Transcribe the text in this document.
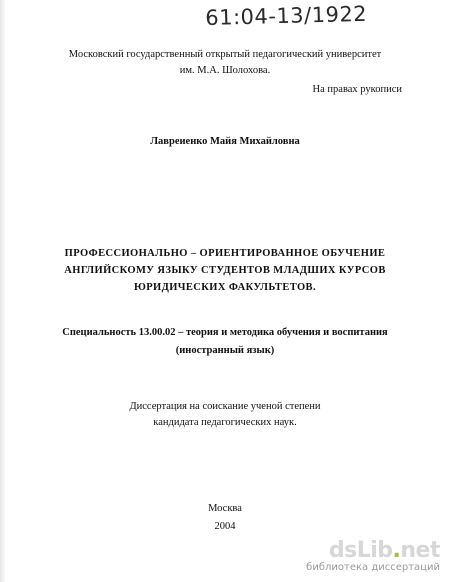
61:04-13/1922
Московский государственный открытый педагогический университет
им. М.А. Шолохова.
На правах рукописи
Лавреиенко Майя Михайловна
ПРОФЕССИОНАЛЬНО – ОРИЕНТИРОВАННОЕ ОБУЧЕНИЕ
АНГЛИЙСКОМУ ЯЗЫКУ СТУДЕНТОВ МЛАДШИХ КУРСОВ
ЮРИДИЧЕСКИХ ФАКУЛЬТЕТОВ.
Специальность 13.00.02 – теория и методика обучения и воспитания
(иностранный язык)
Диссертация на соискание ученой степени
кандидата педагогических наук.
Москва
2004
dsLib.net
библиотека диссертаций
